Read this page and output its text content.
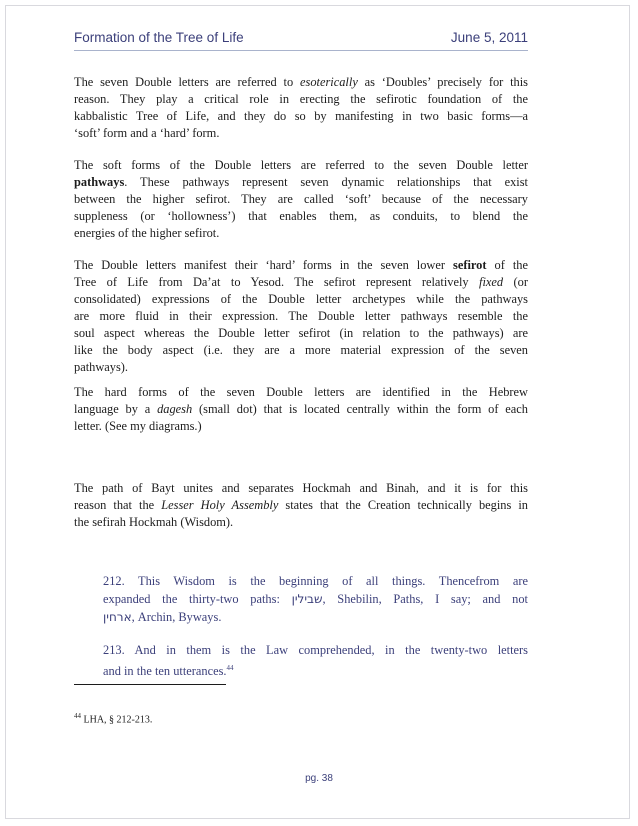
Formation of the Tree of Life	June 5, 2011
The seven Double letters are referred to esoterically as ‘Doubles’ precisely for this
reason. They play a critical role in erecting the sefirotic foundation of the
kabbalistic Tree of Life, and they do so by manifesting in two basic forms—a
‘soft’ form and a ‘hard’ form.
The soft forms of the Double letters are referred to the seven Double letter
pathways. These pathways represent seven dynamic relationships that exist
between the higher sefirot. They are called ‘soft’ because of the necessary
suppleness (or ‘hollowness’) that enables them, as conduits, to blend the
energies of the higher sefirot.
The Double letters manifest their ‘hard’ forms in the seven lower sefirot of the
Tree of Life from Da’at to Yesod. The sefirot represent relatively fixed (or
consolidated) expressions of the Double letter archetypes while the pathways
are more fluid in their expression. The Double letter pathways resemble the
soul aspect whereas the Double letter sefirot (in relation to the pathways) are
like the body aspect (i.e. they are a more material expression of the seven
pathways).
The hard forms of the seven Double letters are identified in the Hebrew
language by a dagesh (small dot) that is located centrally within the form of each
letter. (See my diagrams.)
The path of Bayt unites and separates Hockmah and Binah, and it is for this
reason that the Lesser Holy Assembly states that the Creation technically begins in
the sefirah Hockmah (Wisdom).
212. This Wisdom is the beginning of all things. Thencefrom are
expanded the thirty-two paths: שבילין, Shebilin, Paths, I say; and not
ארחין, Archin, Byways.
213. And in them is the Law comprehended, in the twenty-two letters
and in the ten utterances.$^{44}$
$^{44}$ LHA, § 212-213.
pg. 38
